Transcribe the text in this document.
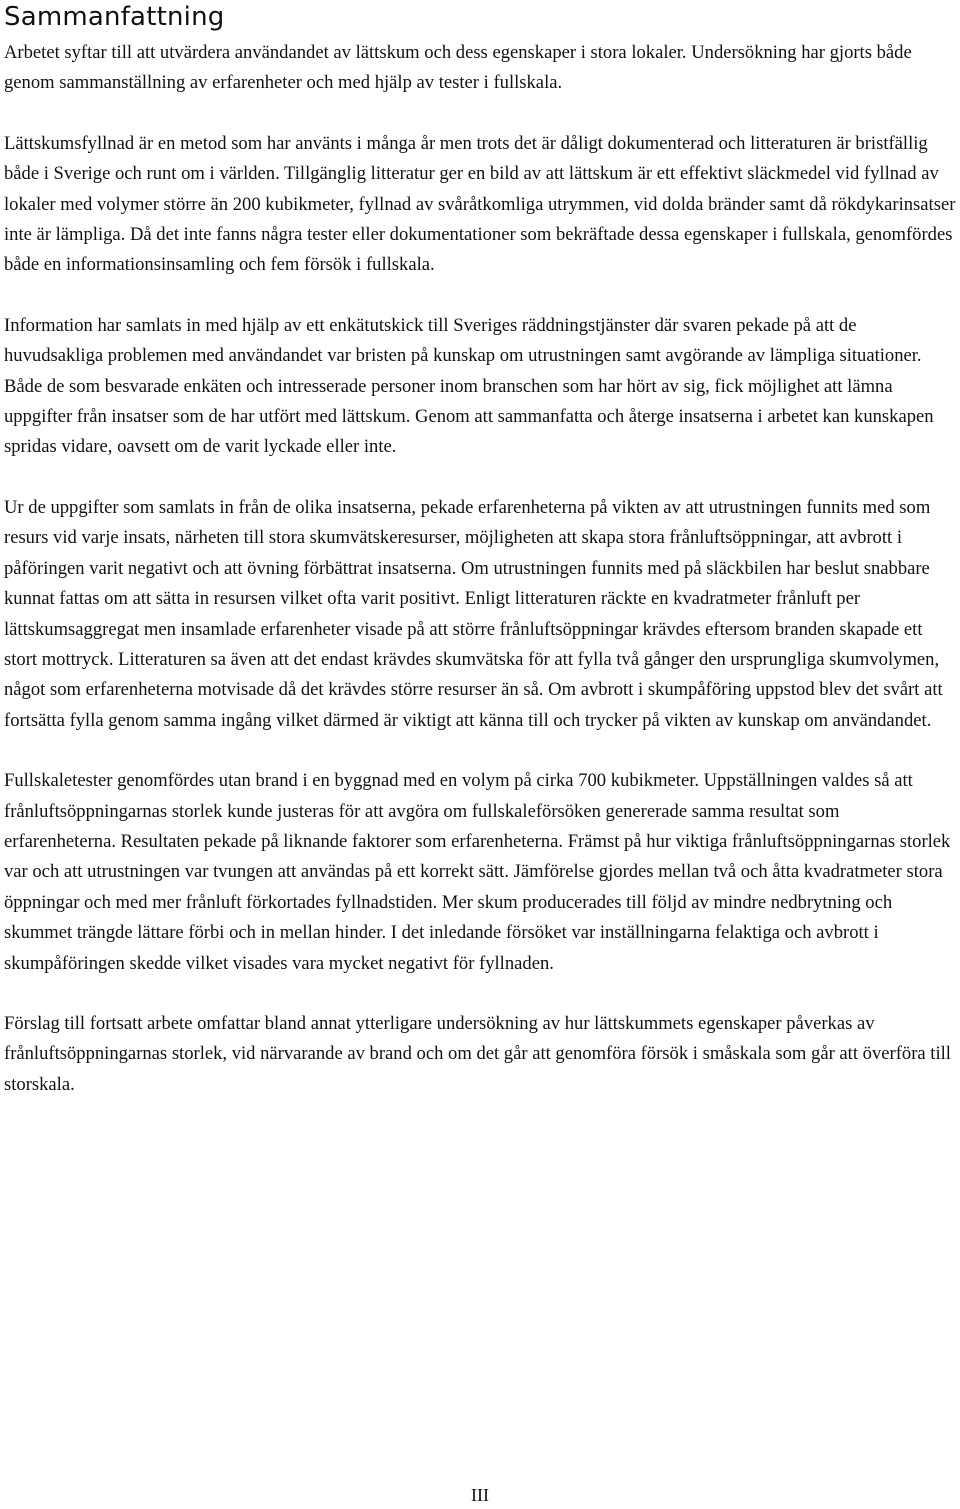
Sammanfattning

Arbetet syftar till att utvärdera användandet av lättskum och dess egenskaper i stora lokaler. Undersökning har gjorts både genom sammanställning av erfarenheter och med hjälp av tester i fullskala.

Lättskumsfyllnad är en metod som har använts i många år men trots det är dåligt dokumenterad och litteraturen är bristfällig både i Sverige och runt om i världen. Tillgänglig litteratur ger en bild av att lättskum är ett effektivt släckmedel vid fyllnad av lokaler med volymer större än 200 kubikmeter, fyllnad av svåråtkomliga utrymmen, vid dolda bränder samt då rökdykarinsatser inte är lämpliga. Då det inte fanns några tester eller dokumentationer som bekräftade dessa egenskaper i fullskala, genomfördes både en informationsinsamling och fem försök i fullskala.

Information har samlats in med hjälp av ett enkätutskick till Sveriges räddningstjänster där svaren pekade på att de huvudsakliga problemen med användandet var bristen på kunskap om utrustningen samt avgörande av lämpliga situationer. Både de som besvarade enkäten och intresserade personer inom branschen som har hört av sig, fick möjlighet att lämna uppgifter från insatser som de har utfört med lättskum. Genom att sammanfatta och återge insatserna i arbetet kan kunskapen spridas vidare, oavsett om de varit lyckade eller inte.

Ur de uppgifter som samlats in från de olika insatserna, pekade erfarenheterna på vikten av att utrustningen funnits med som resurs vid varje insats, närheten till stora skumvätskeresurser, möjligheten att skapa stora frånluftsöppningar, att avbrott i påföringen varit negativt och att övning förbättrat insatserna. Om utrustningen funnits med på släckbilen har beslut snabbare kunnat fattas om att sätta in resursen vilket ofta varit positivt. Enligt litteraturen räckte en kvadratmeter frånluft per lättskumsaggregat men insamlade erfarenheter visade på att större frånluftsöppningar krävdes eftersom branden skapade ett stort mottryck. Litteraturen sa även att det endast krävdes skumvätska för att fylla två gånger den ursprungliga skumvolymen, något som erfarenheterna motvisade då det krävdes större resurser än så. Om avbrott i skumpåföring uppstod blev det svårt att fortsätta fylla genom samma ingång vilket därmed är viktigt att känna till och trycker på vikten av kunskap om användandet.

Fullskaletester genomfördes utan brand i en byggnad med en volym på cirka 700 kubikmeter. Uppställningen valdes så att frånluftsöppningarnas storlek kunde justeras för att avgöra om fullskaleförsöken genererade samma resultat som erfarenheterna. Resultaten pekade på liknande faktorer som erfarenheterna. Främst på hur viktiga frånluftsöppningarnas storlek var och att utrustningen var tvungen att användas på ett korrekt sätt. Jämförelse gjordes mellan två och åtta kvadratmeter stora öppningar och med mer frånluft förkortades fyllnadstiden. Mer skum producerades till följd av mindre nedbrytning och skummet trängde lättare förbi och in mellan hinder. I det inledande försöket var inställningarna felaktiga och avbrott i skumpåföringen skedde vilket visades vara mycket negativt för fyllnaden.

Förslag till fortsatt arbete omfattar bland annat ytterligare undersökning av hur lättskummets egenskaper påverkas av frånluftsöppningarnas storlek, vid närvarande av brand och om det går att genomföra försök i småskala som går att överföra till storskala.

III
